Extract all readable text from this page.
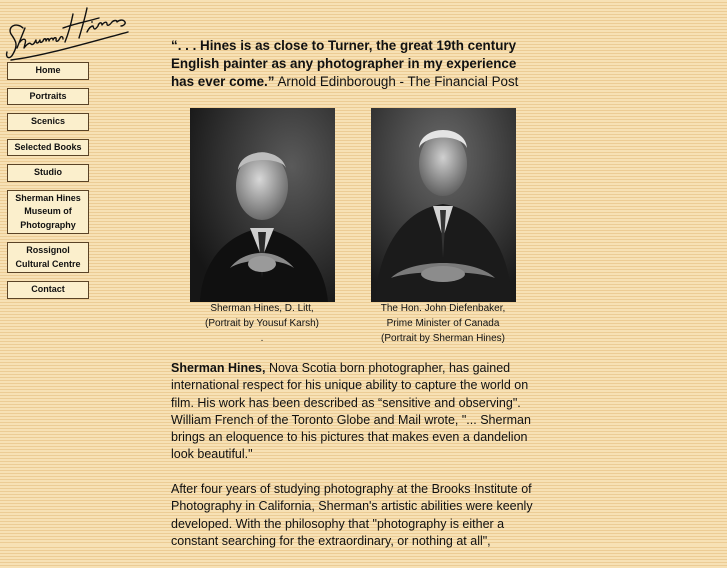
Home
Portraits
Scenics
Selected Books
Studio
Sherman Hines
Museum of
Photography
Rossignol
Cultural Centre
Contact
“. . . Hines is as close to Turner, the great 19th century English painter as any photographer in my experience has ever come.” Arnold Edinborough - The Financial Post
Sherman Hines, D. Litt,
(Portrait by Yousuf Karsh)
.
The Hon. John Diefenbaker,
Prime Minister of Canada
(Portrait by Sherman Hines)

Sherman Hines, Nova Scotia born photographer, has gained international respect for his unique ability to capture the world on film. His work has been described as “sensitive and observing". William French of the Toronto Globe and Mail wrote, "... Sherman brings an eloquence to his pictures that makes even a dandelion look beautiful."

After four years of studying photography at the Brooks Institute of Photography in California, Sherman's artistic abilities were keenly developed. With the philosophy that "photography is either a constant searching for the extraordinary, or nothing at all",
